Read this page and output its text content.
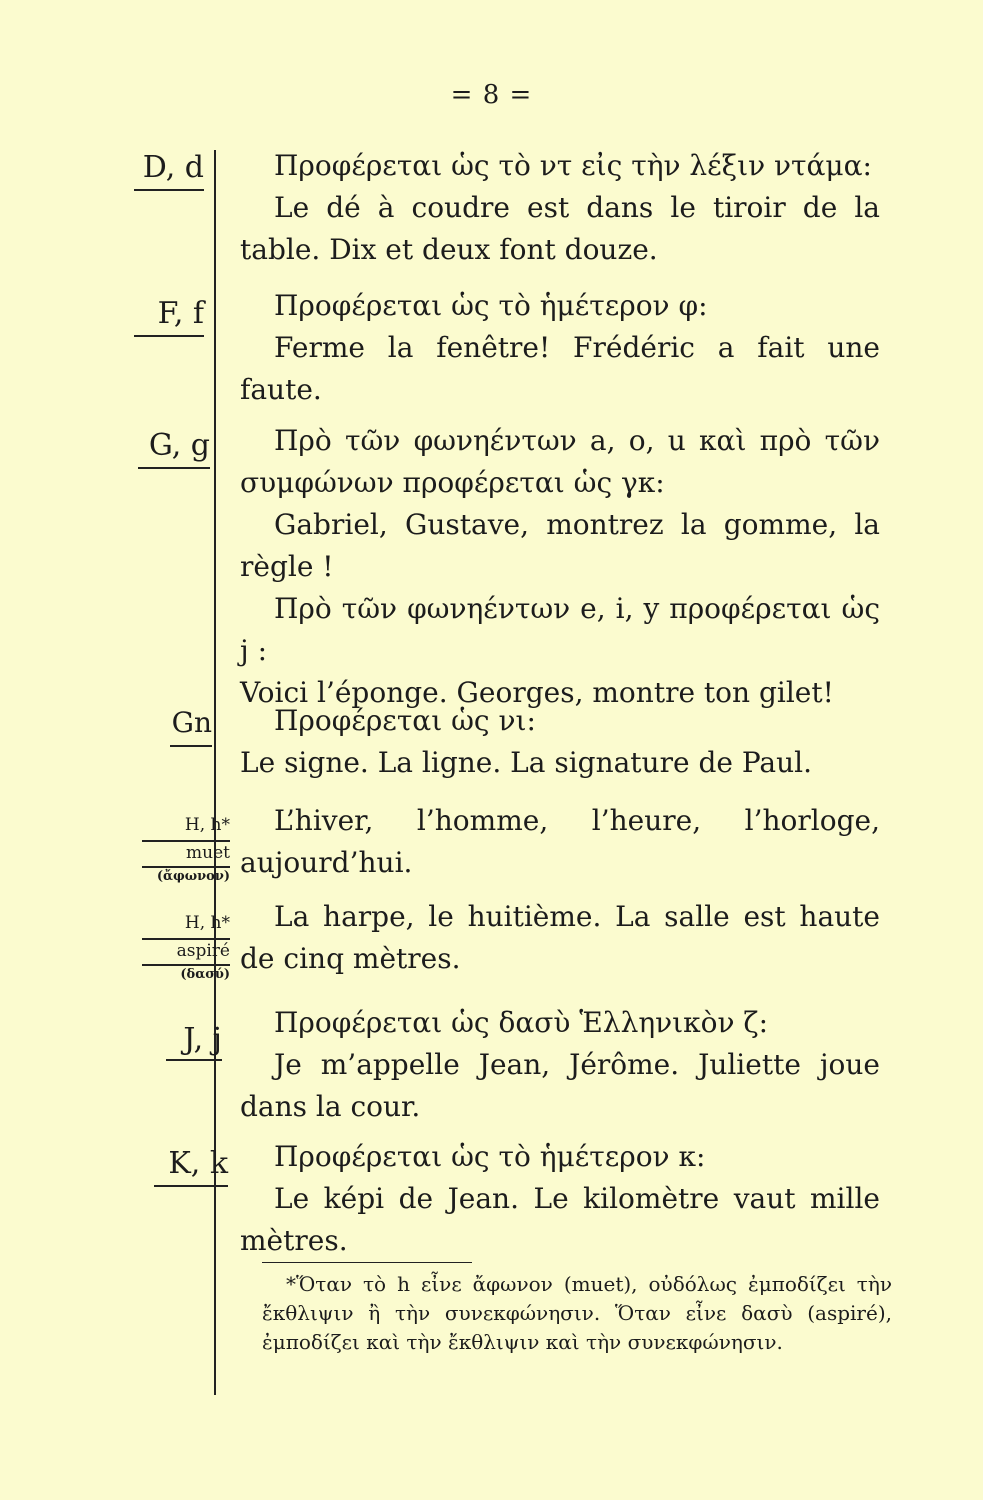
= 8 =
D, d	Προφέρεται ὡς τὸ ντ εἰς τὴν λέξιν ντάμα:

Le dé à coudre est dans le tiroir de la table. Dix et deux font douze.

F, f	Προφέρεται ὡς τὸ ἡμέτερον φ:

Ferme la fenêtre! Frédéric a fait une faute.

G, g	Πρὸ τῶν φωνηέντων a, o, u καὶ πρὸ τῶν συμφώνων προφέρεται ὡς γκ:

Gabriel, Gustave, montrez la gomme, la règle !

Πρὸ τῶν φωνηέντων e, i, y προφέρεται ὡς j :

Voici l’éponge. Georges, montre ton gilet!

Gn	Προφέρεται ὡς νι:

Le signe. La ligne. La signature de Paul.

H, h*
muet
(ἄφωνον)

L’hiver, l’homme, l’heure, l’horloge, aujourd’hui.

H, h*
aspiré
(δασύ)

La harpe, le huitième. La salle est haute de cinq mètres.

J, j	Προφέρεται ὡς δασὺ Ἑλληνικὸν ζ:

Je m’appelle Jean, Jérôme. Juliette joue dans la cour.

K, k	Προφέρεται ὡς τὸ ἡμέτερον κ:

Le képi de Jean. Le kilomètre vaut mille mètres.

*Ὅταν τὸ h εἶνε ἄφωνον (muet), οὐδόλως ἐμποδίζει τὴν ἔκθλιψιν ἢ τὴν συνεκφώνησιν. Ὅταν εἶνε δασὺ (aspiré), ἐμποδίζει καὶ τὴν ἔκθλιψιν καὶ τὴν συνεκφώνησιν.
